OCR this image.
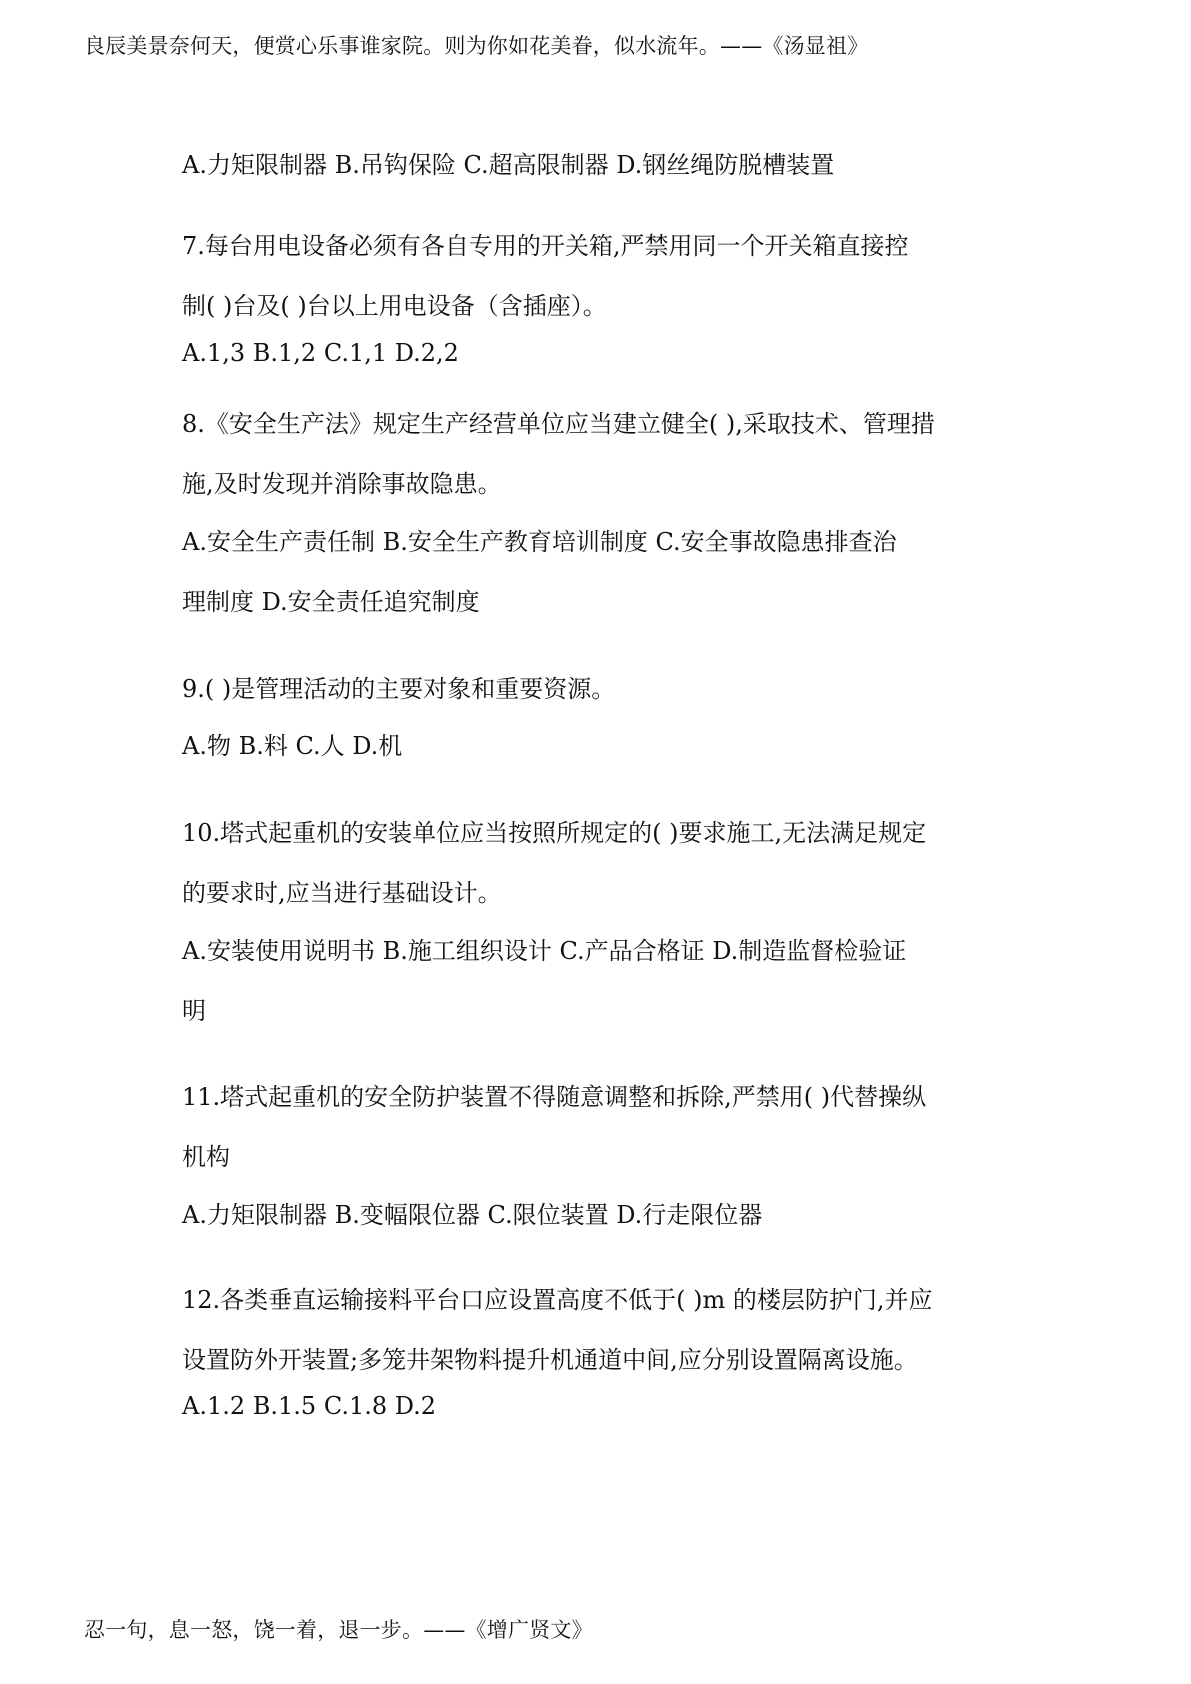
良辰美景奈何天，便赏心乐事谁家院。则为你如花美眷，似水流年。——《汤显祖》
A.力矩限制器 B.吊钩保险 C.超高限制器 D.钢丝绳防脱槽装置
7.每台用电设备必须有各自专用的开关箱,严禁用同一个开关箱直接控
制( )台及( )台以上用电设备（含插座）。
A.1,3 B.1,2 C.1,1 D.2,2
8.《安全生产法》规定生产经营单位应当建立健全( ),采取技术、管理措
施,及时发现并消除事故隐患。
A.安全生产责任制 B.安全生产教育培训制度 C.安全事故隐患排查治
理制度 D.安全责任追究制度
9.( )是管理活动的主要对象和重要资源。
A.物 B.料 C.人 D.机
10.塔式起重机的安装单位应当按照所规定的( )要求施工,无法满足规定
的要求时,应当进行基础设计。
A.安装使用说明书 B.施工组织设计 C.产品合格证 D.制造监督检验证
明
11.塔式起重机的安全防护装置不得随意调整和拆除,严禁用( )代替操纵
机构
A.力矩限制器 B.变幅限位器 C.限位装置 D.行走限位器
12.各类垂直运输接料平台口应设置高度不低于( )m 的楼层防护门,并应
设置防外开装置;多笼井架物料提升机通道中间,应分别设置隔离设施。
A.1.2 B.1.5 C.1.8 D.2
忍一句，息一怒，饶一着，退一步。——《增广贤文》
